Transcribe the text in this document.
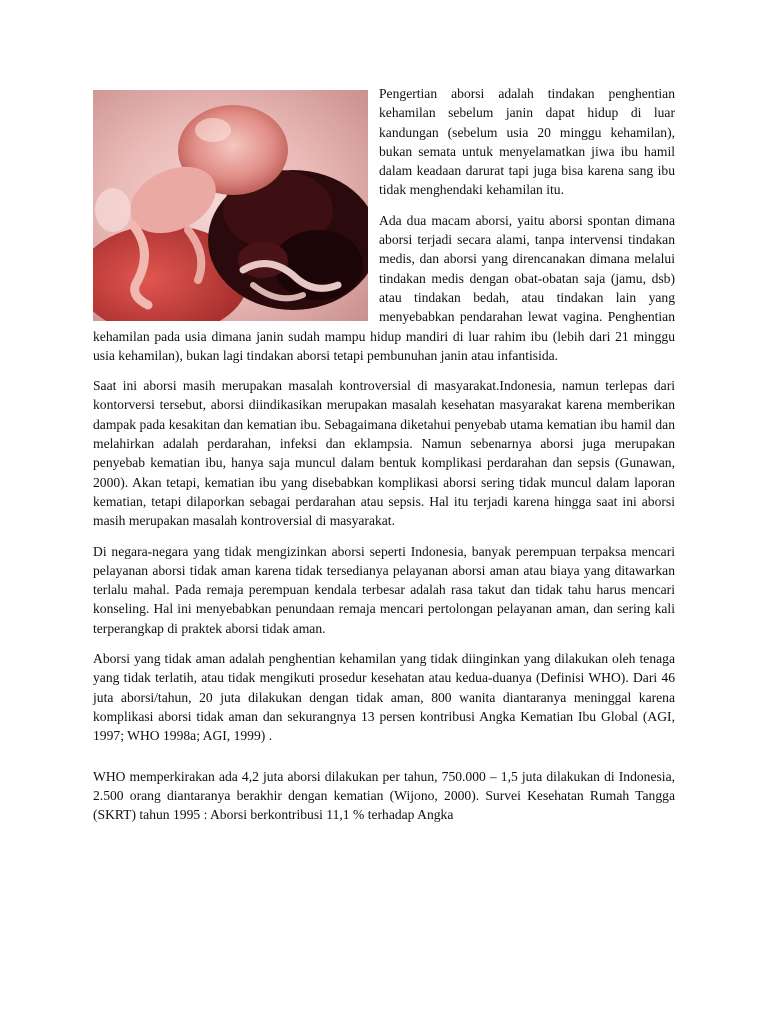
Pengertian aborsi adalah tindakan penghentian kehamilan sebelum janin dapat hidup di luar kandungan (sebelum usia 20 minggu kehamilan), bukan semata untuk menyelamatkan jiwa ibu hamil dalam keadaan darurat tapi juga bisa karena sang ibu tidak menghendaki kehamilan itu.

Ada dua macam aborsi, yaitu aborsi spontan dimana aborsi terjadi secara alami, tanpa intervensi tindakan medis, dan aborsi yang direncanakan dimana melalui tindakan medis dengan obat-obatan saja (jamu, dsb) atau tindakan bedah, atau tindakan lain yang menyebabkan pendarahan lewat vagina. Penghentian kehamilan pada usia dimana janin sudah mampu hidup mandiri di luar rahim ibu (lebih dari 21 minggu usia kehamilan), bukan lagi tindakan aborsi tetapi pembunuhan janin atau infantisida.

Saat ini aborsi masih merupakan masalah kontroversial di masyarakat.Indonesia, namun terlepas dari kontorversi tersebut, aborsi diindikasikan merupakan masalah kesehatan masyarakat karena memberikan dampak pada kesakitan dan kematian ibu. Sebagaimana diketahui penyebab utama kematian ibu hamil dan melahirkan adalah perdarahan, infeksi dan eklampsia. Namun sebenarnya aborsi juga merupakan penyebab kematian ibu, hanya saja muncul dalam bentuk komplikasi perdarahan dan sepsis (Gunawan, 2000). Akan tetapi, kematian ibu yang disebabkan komplikasi aborsi sering tidak muncul dalam laporan kematian, tetapi dilaporkan sebagai perdarahan atau sepsis. Hal itu terjadi karena hingga saat ini aborsi masih merupakan masalah kontroversial di masyarakat.

Di negara-negara yang tidak mengizinkan aborsi seperti Indonesia, banyak perempuan terpaksa mencari pelayanan aborsi tidak aman karena tidak tersedianya pelayanan aborsi aman atau biaya yang ditawarkan terlalu mahal. Pada remaja perempuan kendala terbesar adalah rasa takut dan tidak tahu harus mencari konseling. Hal ini menyebabkan penundaan remaja mencari pertolongan pelayanan aman, dan sering kali terperangkap di praktek aborsi tidak aman.

Aborsi yang tidak aman adalah penghentian kehamilan yang tidak diinginkan yang dilakukan oleh tenaga yang tidak terlatih, atau tidak mengikuti prosedur kesehatan atau kedua-duanya (Definisi WHO). Dari 46 juta aborsi/tahun, 20 juta dilakukan dengan tidak aman, 800 wanita diantaranya meninggal karena komplikasi aborsi tidak aman dan sekurangnya 13 persen kontribusi Angka Kematian Ibu Global (AGI, 1997; WHO 1998a; AGI, 1999) .

WHO memperkirakan ada 4,2 juta aborsi dilakukan per tahun, 750.000 – 1,5 juta dilakukan di Indonesia, 2.500 orang diantaranya berakhir dengan kematian (Wijono, 2000). Survei Kesehatan Rumah Tangga (SKRT) tahun 1995 : Aborsi berkontribusi 11,1 % terhadap Angka
